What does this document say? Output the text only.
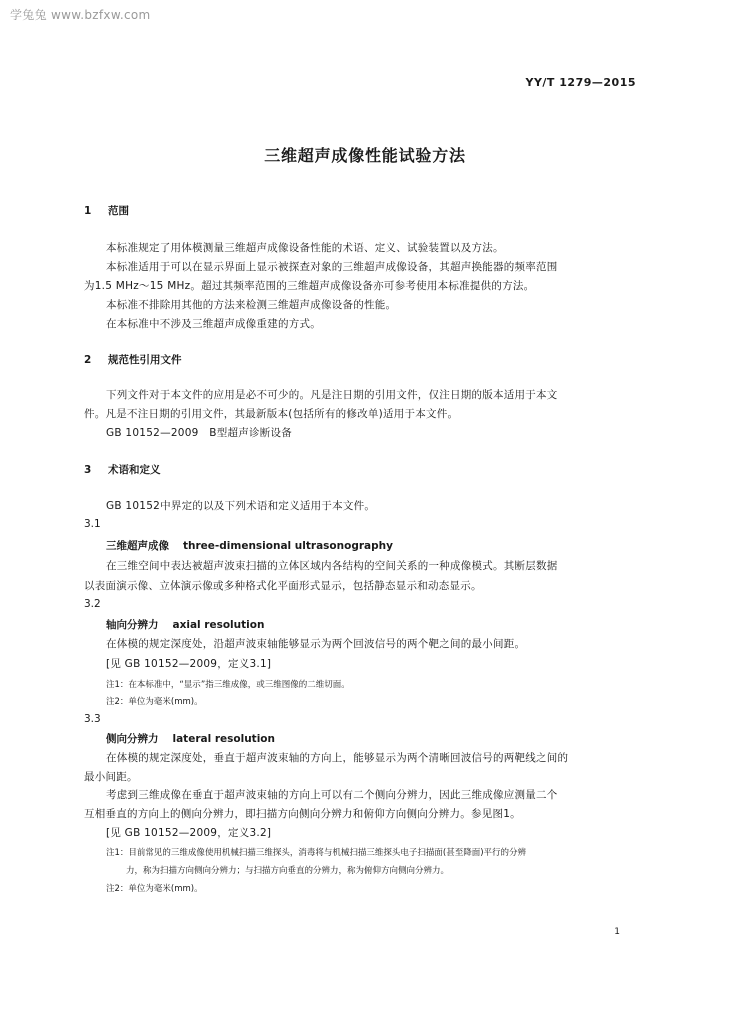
学兔兔 www.bzfxw.com
YY/T 1279—2015
三维超声成像性能试验方法
1 范围
本标准规定了用体模测量三维超声成像设备性能的术语、定义、试验装置以及方法。
本标准适用于可以在显示界面上显示被探查对象的三维超声成像设备，其超声换能器的频率范围
为1.5 MHz～15 MHz。超过其频率范围的三维超声成像设备亦可参考使用本标准提供的方法。
本标准不排除用其他的方法来检测三维超声成像设备的性能。
在本标准中不涉及三维超声成像重建的方式。
2 规范性引用文件
下列文件对于本文件的应用是必不可少的。凡是注日期的引用文件，仅注日期的版本适用于本文
件。凡是不注日期的引用文件，其最新版本(包括所有的修改单)适用于本文件。
GB 10152—2009　B型超声诊断设备
3 术语和定义
GB 10152中界定的以及下列术语和定义适用于本文件。
3.1
三维超声成像 three-dimensional ultrasonography
在三维空间中表达被超声波束扫描的立体区域内各结构的空间关系的一种成像模式。其断层数据
以表面演示像、立体演示像或多种格式化平面形式显示，包括静态显示和动态显示。
3.2
轴向分辨力 axial resolution
在体模的规定深度处，沿超声波束轴能够显示为两个回波信号的两个靶之间的最小间距。
[见 GB 10152—2009，定义3.1]
注1：在本标准中，“显示”指三维成像，或三维图像的二维切面。
注2：单位为毫米(mm)。
3.3
侧向分辨力 lateral resolution
在体模的规定深度处，垂直于超声波束轴的方向上，能够显示为两个清晰回波信号的两靶线之间的
最小间距。
考虑到三维成像在垂直于超声波束轴的方向上可以有二个侧向分辨力，因此三维成像应测量二个
互相垂直的方向上的侧向分辨力，即扫描方向侧向分辨力和俯仰方向侧向分辨力。参见图1。
[见 GB 10152—2009，定义3.2]
注1：目前常见的三维成像使用机械扫描三维探头，消毒将与机械扫描三维探头电子扫描面(甚至降面)平行的分辨
力，称为扫描方向侧向分辨力；与扫描方向垂直的分辨力，称为俯仰方向侧向分辨力。
注2：单位为毫米(mm)。
1
